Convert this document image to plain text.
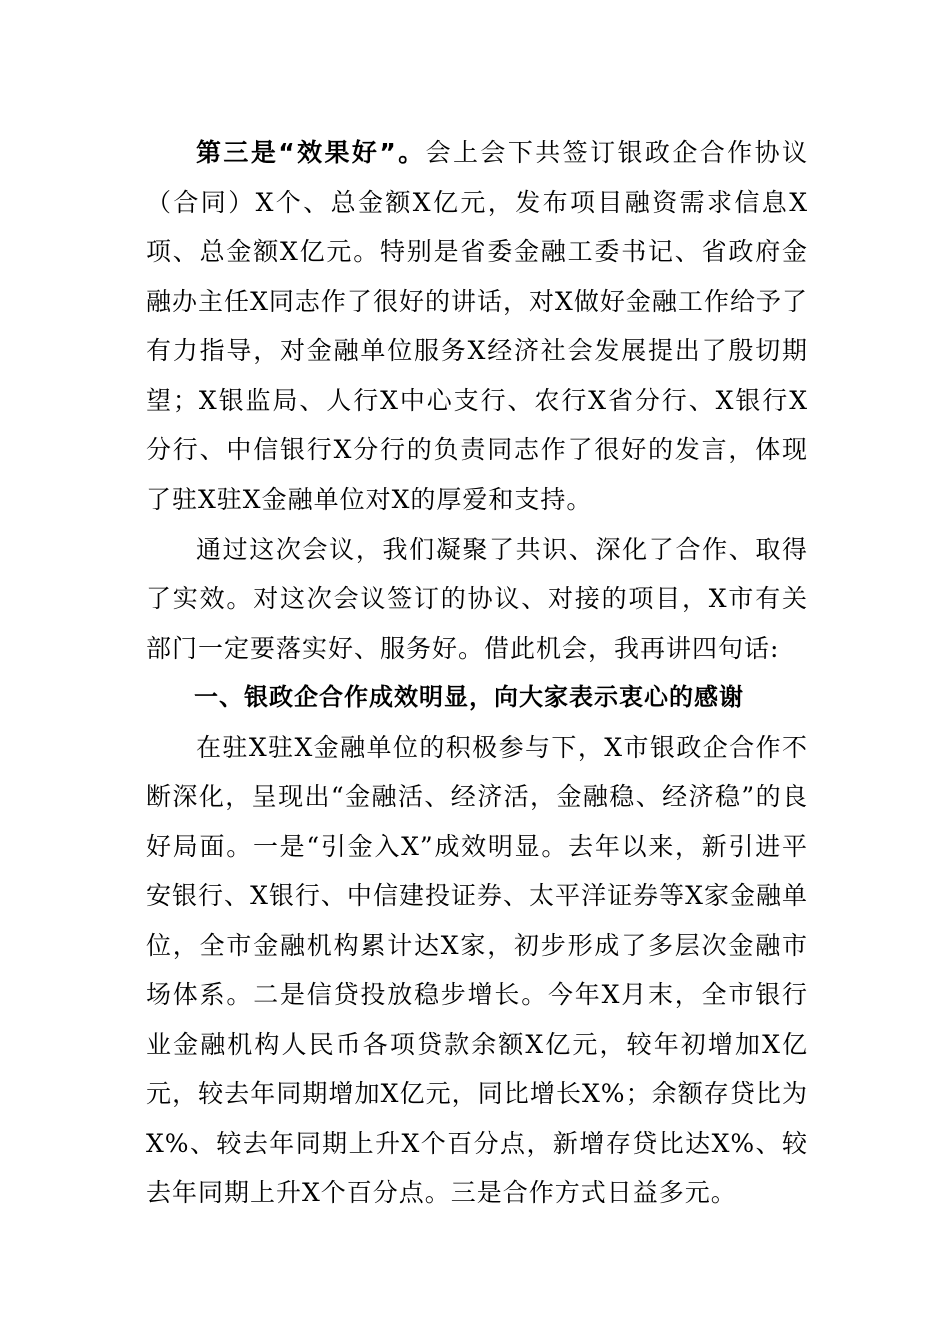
第三是“效果好”。会上会下共签订银政企合作协议（合同）X个、总金额X亿元，发布项目融资需求信息X项、总金额X亿元。特别是省委金融工委书记、省政府金融办主任X同志作了很好的讲话，对X做好金融工作给予了有力指导，对金融单位服务X经济社会发展提出了殷切期望；X银监局、人行X中心支行、农行X省分行、X银行X分行、中信银行X分行的负责同志作了很好的发言，体现了驻X驻X金融单位对X的厚爱和支持。

通过这次会议，我们凝聚了共识、深化了合作、取得了实效。对这次会议签订的协议、对接的项目，X市有关部门一定要落实好、服务好。借此机会，我再讲四句话:

一、银政企合作成效明显，向大家表示衷心的感谢

在驻X驻X金融单位的积极参与下，X市银政企合作不断深化，呈现出“金融活、经济活，金融稳、经济稳”的良好局面。一是“引金入X”成效明显。去年以来，新引进平安银行、X银行、中信建投证券、太平洋证券等X家金融单位，全市金融机构累计达X家，初步形成了多层次金融市场体系。二是信贷投放稳步增长。今年X月末，全市银行业金融机构人民币各项贷款余额X亿元，较年初增加X亿元，较去年同期增加X亿元，同比增长X%；余额存贷比为X%、较去年同期上升X个百分点，新增存贷比达X%、较去年同期上升X个百分点。三是合作方式日益多元。
